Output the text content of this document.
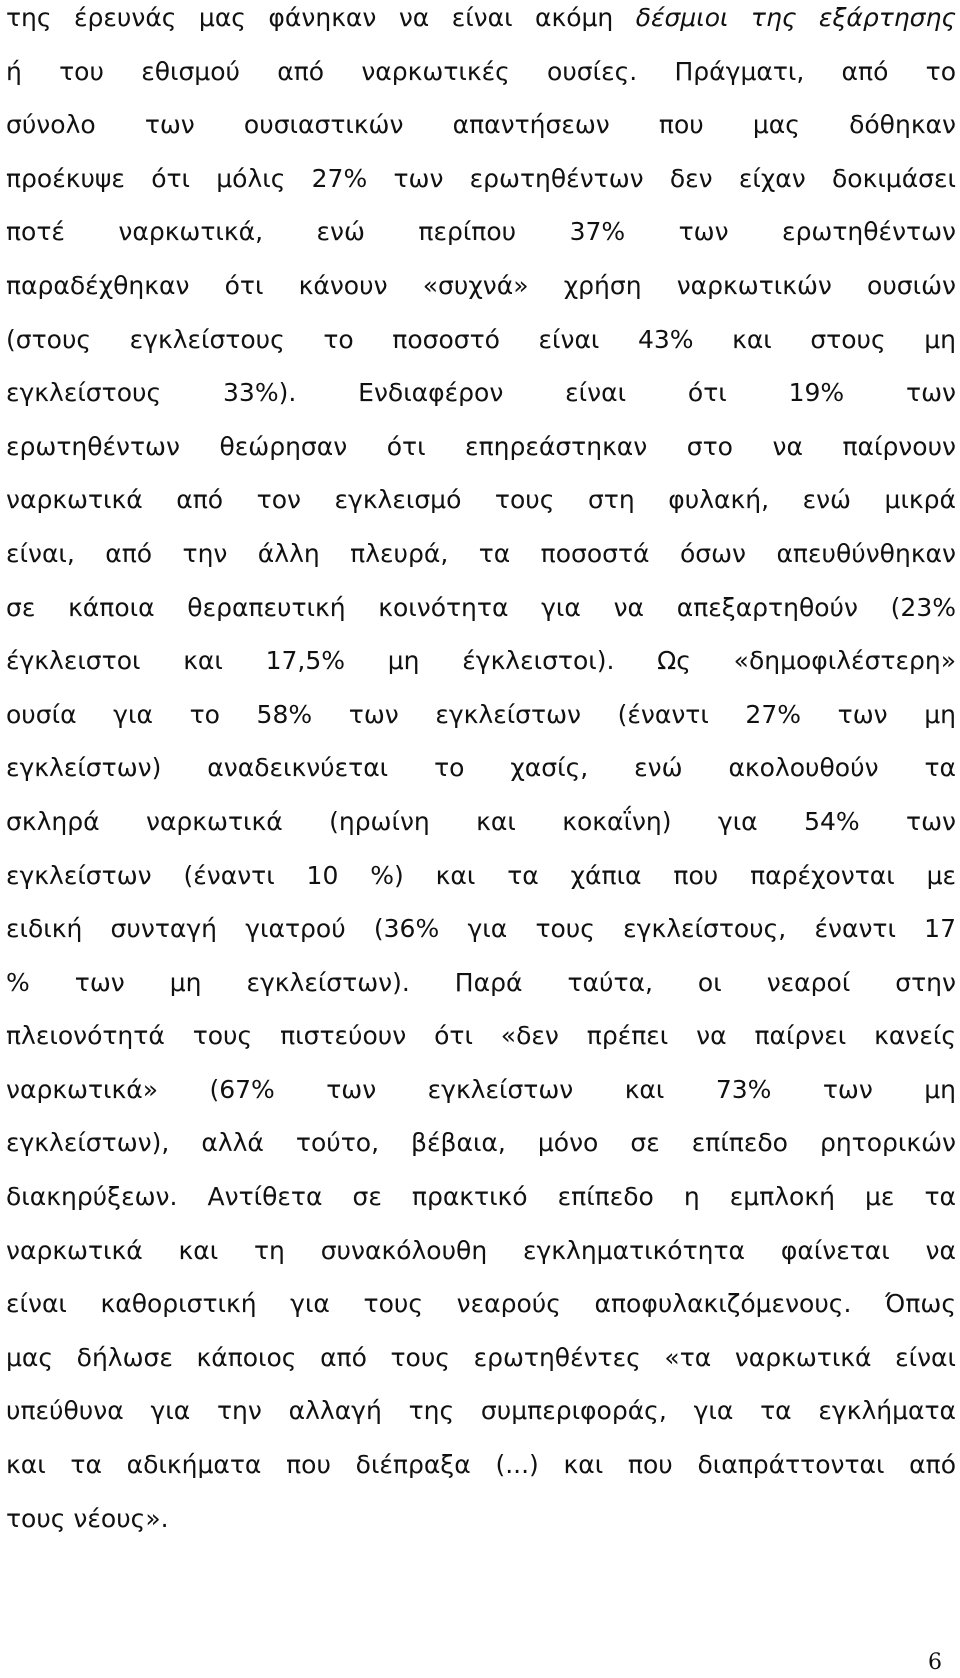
της έρευνάς μας φάνηκαν να είναι ακόμη δέσμιοι της εξάρτησης
ή του εθισμού από ναρκωτικές ουσίες. Πράγματι, από το
σύνολο των ουσιαστικών απαντήσεων που μας δόθηκαν
προέκυψε ότι μόλις 27% των ερωτηθέντων δεν είχαν δοκιμάσει
ποτέ ναρκωτικά, ενώ περίπου 37% των ερωτηθέντων
παραδέχθηκαν ότι κάνουν «συχνά» χρήση ναρκωτικών ουσιών
(στους εγκλείστους το ποσοστό είναι 43% και στους μη
εγκλείστους 33%). Ενδιαφέρον είναι ότι 19% των
ερωτηθέντων θεώρησαν ότι επηρεάστηκαν στο να παίρνουν
ναρκωτικά από τον εγκλεισμό τους στη φυλακή, ενώ μικρά
είναι, από την άλλη πλευρά, τα ποσοστά όσων απευθύνθηκαν
σε κάποια θεραπευτική κοινότητα για να απεξαρτηθούν (23%
έγκλειστοι και 17,5% μη έγκλειστοι). Ως «δημοφιλέστερη»
ουσία για το 58% των εγκλείστων (έναντι 27% των μη
εγκλείστων) αναδεικνύεται το χασίς, ενώ ακολουθούν τα
σκληρά ναρκωτικά (ηρωίνη και κοκαΐνη) για 54% των
εγκλείστων (έναντι 10 %) και τα χάπια που παρέχονται με
ειδική συνταγή γιατρού (36% για τους εγκλείστους, έναντι 17
% των μη εγκλείστων). Παρά ταύτα, οι νεαροί στην
πλειονότητά τους πιστεύουν ότι «δεν πρέπει να παίρνει κανείς
ναρκωτικά» (67% των εγκλείστων και 73% των μη
εγκλείστων), αλλά τούτο, βέβαια, μόνο σε επίπεδο ρητορικών
διακηρύξεων. Αντίθετα σε πρακτικό επίπεδο η εμπλοκή με τα
ναρκωτικά και τη συνακόλουθη εγκληματικότητα φαίνεται να
είναι καθοριστική για τους νεαρούς αποφυλακιζόμενους. Όπως
μας δήλωσε κάποιος από τους ερωτηθέντες «τα ναρκωτικά είναι
υπεύθυνα για την αλλαγή της συμπεριφοράς, για τα εγκλήματα
και τα αδικήματα που διέπραξα (...) και που διαπράττονται από
τους νέους».
6
